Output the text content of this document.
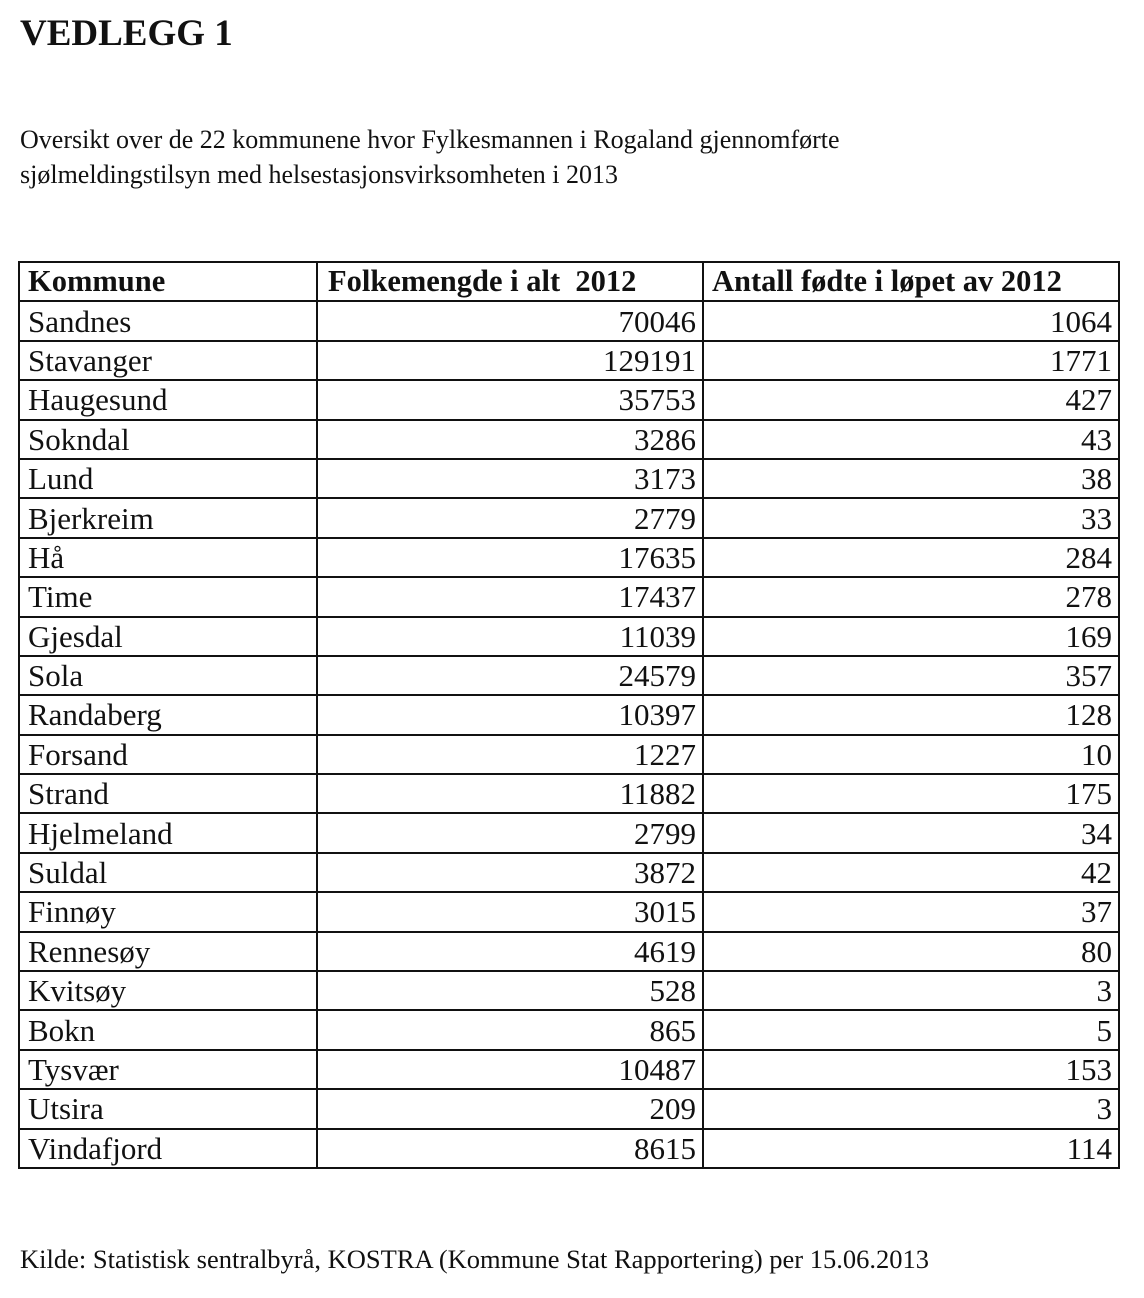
VEDLEGG 1

Oversikt over de 22 kommunene hvor Fylkesmannen i Rogaland gjennomførte
sjølmeldingstilsyn med helsestasjonsvirksomheten i 2013

Kommune	Folkemengde i alt  2012	Antall fødte i løpet av 2012
Sandnes	70046	1064
Stavanger	129191	1771
Haugesund	35753	427
Sokndal	3286	43
Lund	3173	38
Bjerkreim	2779	33
Hå	17635	284
Time	17437	278
Gjesdal	11039	169
Sola	24579	357
Randaberg	10397	128
Forsand	1227	10
Strand	11882	175
Hjelmeland	2799	34
Suldal	3872	42
Finnøy	3015	37
Rennesøy	4619	80
Kvitsøy	528	3
Bokn	865	5
Tysvær	10487	153
Utsira	209	3
Vindafjord	8615	114

Kilde: Statistisk sentralbyrå, KOSTRA (Kommune Stat Rapportering) per 15.06.2013
